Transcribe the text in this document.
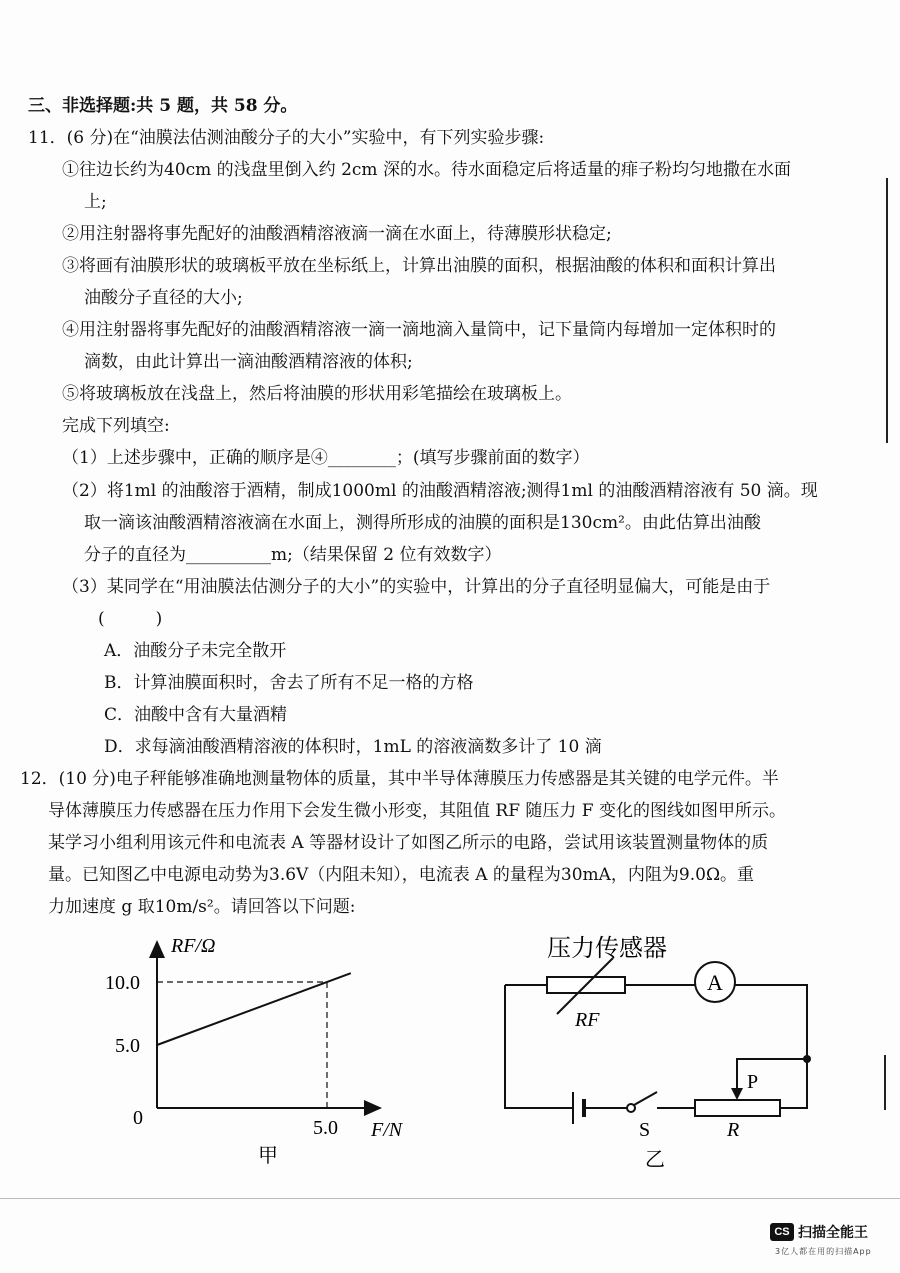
三、非选择题:共 5 题，共 58 分。
11．(6 分)在“油膜法估测油酸分子的大小”实验中，有下列实验步骤:
①往边长约为40cm 的浅盘里倒入约 2cm 深的水。待水面稳定后将适量的痱子粉均匀地撒在水面
上;
②用注射器将事先配好的油酸酒精溶液滴一滴在水面上，待薄膜形状稳定;
③将画有油膜形状的玻璃板平放在坐标纸上，计算出油膜的面积，根据油酸的体积和面积计算出
油酸分子直径的大小;
④用注射器将事先配好的油酸酒精溶液一滴一滴地滴入量筒中，记下量筒内每增加一定体积时的
滴数，由此计算出一滴油酸酒精溶液的体积;
⑤将玻璃板放在浅盘上，然后将油膜的形状用彩笔描绘在玻璃板上。
完成下列填空:
（1）上述步骤中，正确的顺序是④________；(填写步骤前面的数字）
（2）将1ml 的油酸溶于酒精，制成1000ml 的油酸酒精溶液;测得1ml 的油酸酒精溶液有 50 滴。现
取一滴该油酸酒精溶液滴在水面上，测得所形成的油膜的面积是130cm²。由此估算出油酸
分子的直径为__________m;（结果保留 2 位有效数字）
（3）某同学在“用油膜法估测分子的大小”的实验中，计算出的分子直径明显偏大，可能是由于
(　　　)
A．油酸分子未完全散开
B．计算油膜面积时，舍去了所有不足一格的方格
C．油酸中含有大量酒精
D．求每滴油酸酒精溶液的体积时，1mL 的溶液滴数多计了 10 滴
12．(10 分)电子秤能够准确地测量物体的质量，其中半导体薄膜压力传感器是其关键的电学元件。半
导体薄膜压力传感器在压力作用下会发生微小形变，其阻值 RF 随压力 F 变化的图线如图甲所示。
某学习小组利用该元件和电流表 A 等器材设计了如图乙所示的电路，尝试用该装置测量物体的质
量。已知图乙中电源电动势为3.6V（内阻未知），电流表 A 的量程为30mA，内阻为9.0Ω。重
力加速度 g 取10m/s²。请回答以下问题:
RF/Ω
F/N
10.0
5.0
5.0
0
甲
压力传感器
RF
A
S
P
R
乙
CS 扫描全能王
3亿人都在用的扫描App
